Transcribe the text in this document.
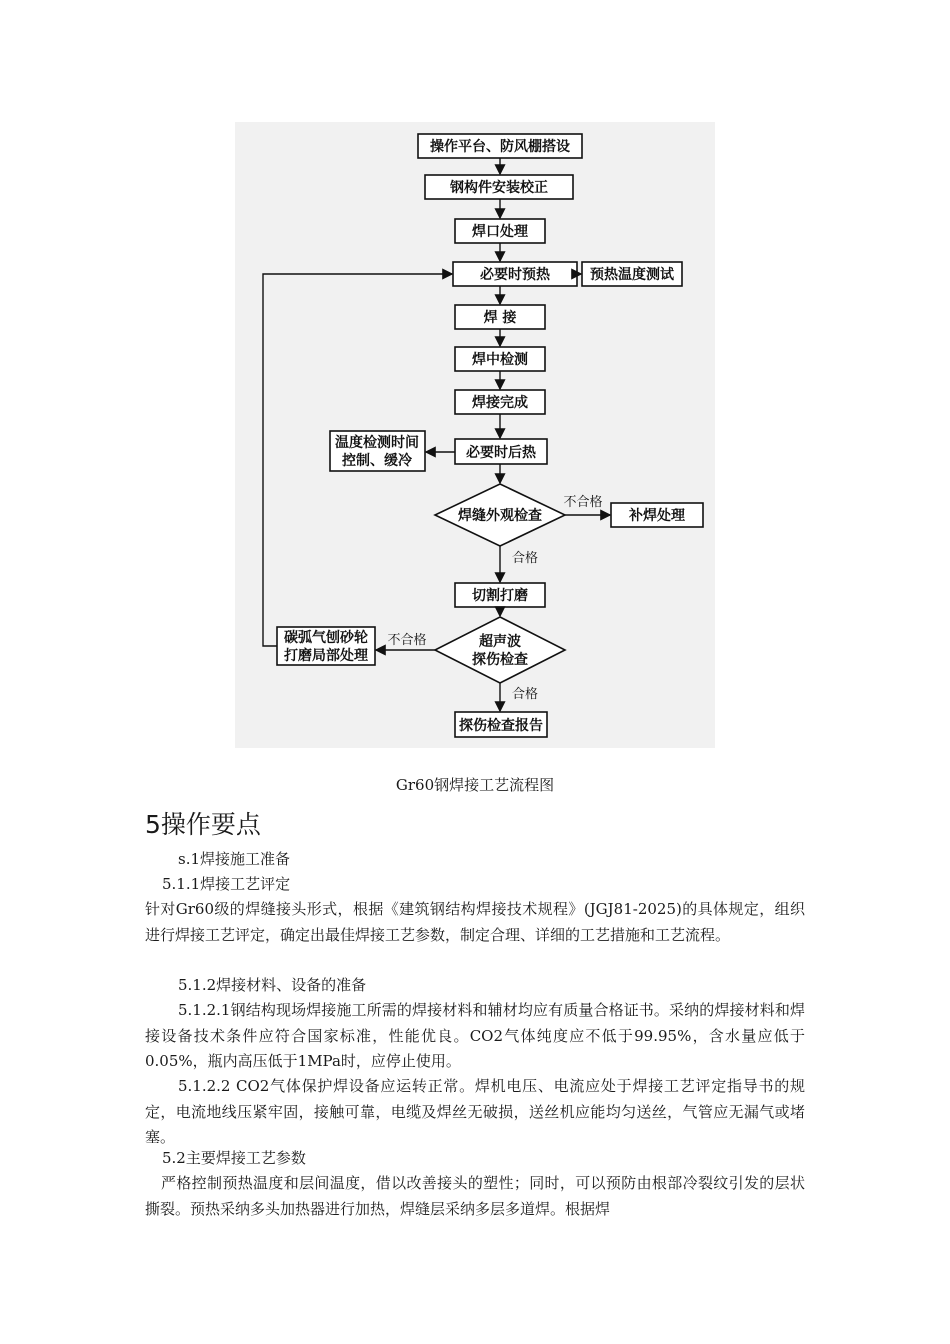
操作平台、防风棚搭设
钢构件安装校正
焊口处理
必要时预热
焊 接
焊中检测
焊接完成
必要时后热
切割打磨
探伤检查报告
预热温度测试
温度检测时间
控制、缓冷
焊缝外观检查	补焊处理
超声波
探伤检查
碳弧气刨砂轮
打磨局部处理
不合格
合格
不合格
合格
Gr60钢焊接工艺流程图
5操作要点
s.1焊接施工准备
5.1.1焊接工艺评定
针对Gr60级的焊缝接头形式，根据《建筑钢结构焊接技术规程》(JGJ81-2025)的具体规定，组织进行焊接工艺评定，确定出最佳焊接工艺参数，制定合理、详细的工艺措施和工艺流程。
5.1.2焊接材料、设备的准备
5.1.2.1钢结构现场焊接施工所需的焊接材料和辅材均应有质量合格证书。采纳的焊接材料和焊接设备技术条件应符合国家标准，性能优良。CO2气体纯度应不低于99.95%，含水量应低于0.05%，瓶内高压低于1MPa时，应停止使用。
5.1.2.2 CO2气体保护焊设备应运转正常。焊机电压、电流应处于焊接工艺评定指导书的规定，电流地线压紧牢固，接触可靠，电缆及焊丝无破损，送丝机应能均匀送丝，气管应无漏气或堵塞。
5.2主要焊接工艺参数
严格控制预热温度和层间温度，借以改善接头的塑性；同时，可以预防由根部冷裂纹引发的层状撕裂。预热采纳多头加热器进行加热，焊缝层采纳多层多道焊。根据焊
